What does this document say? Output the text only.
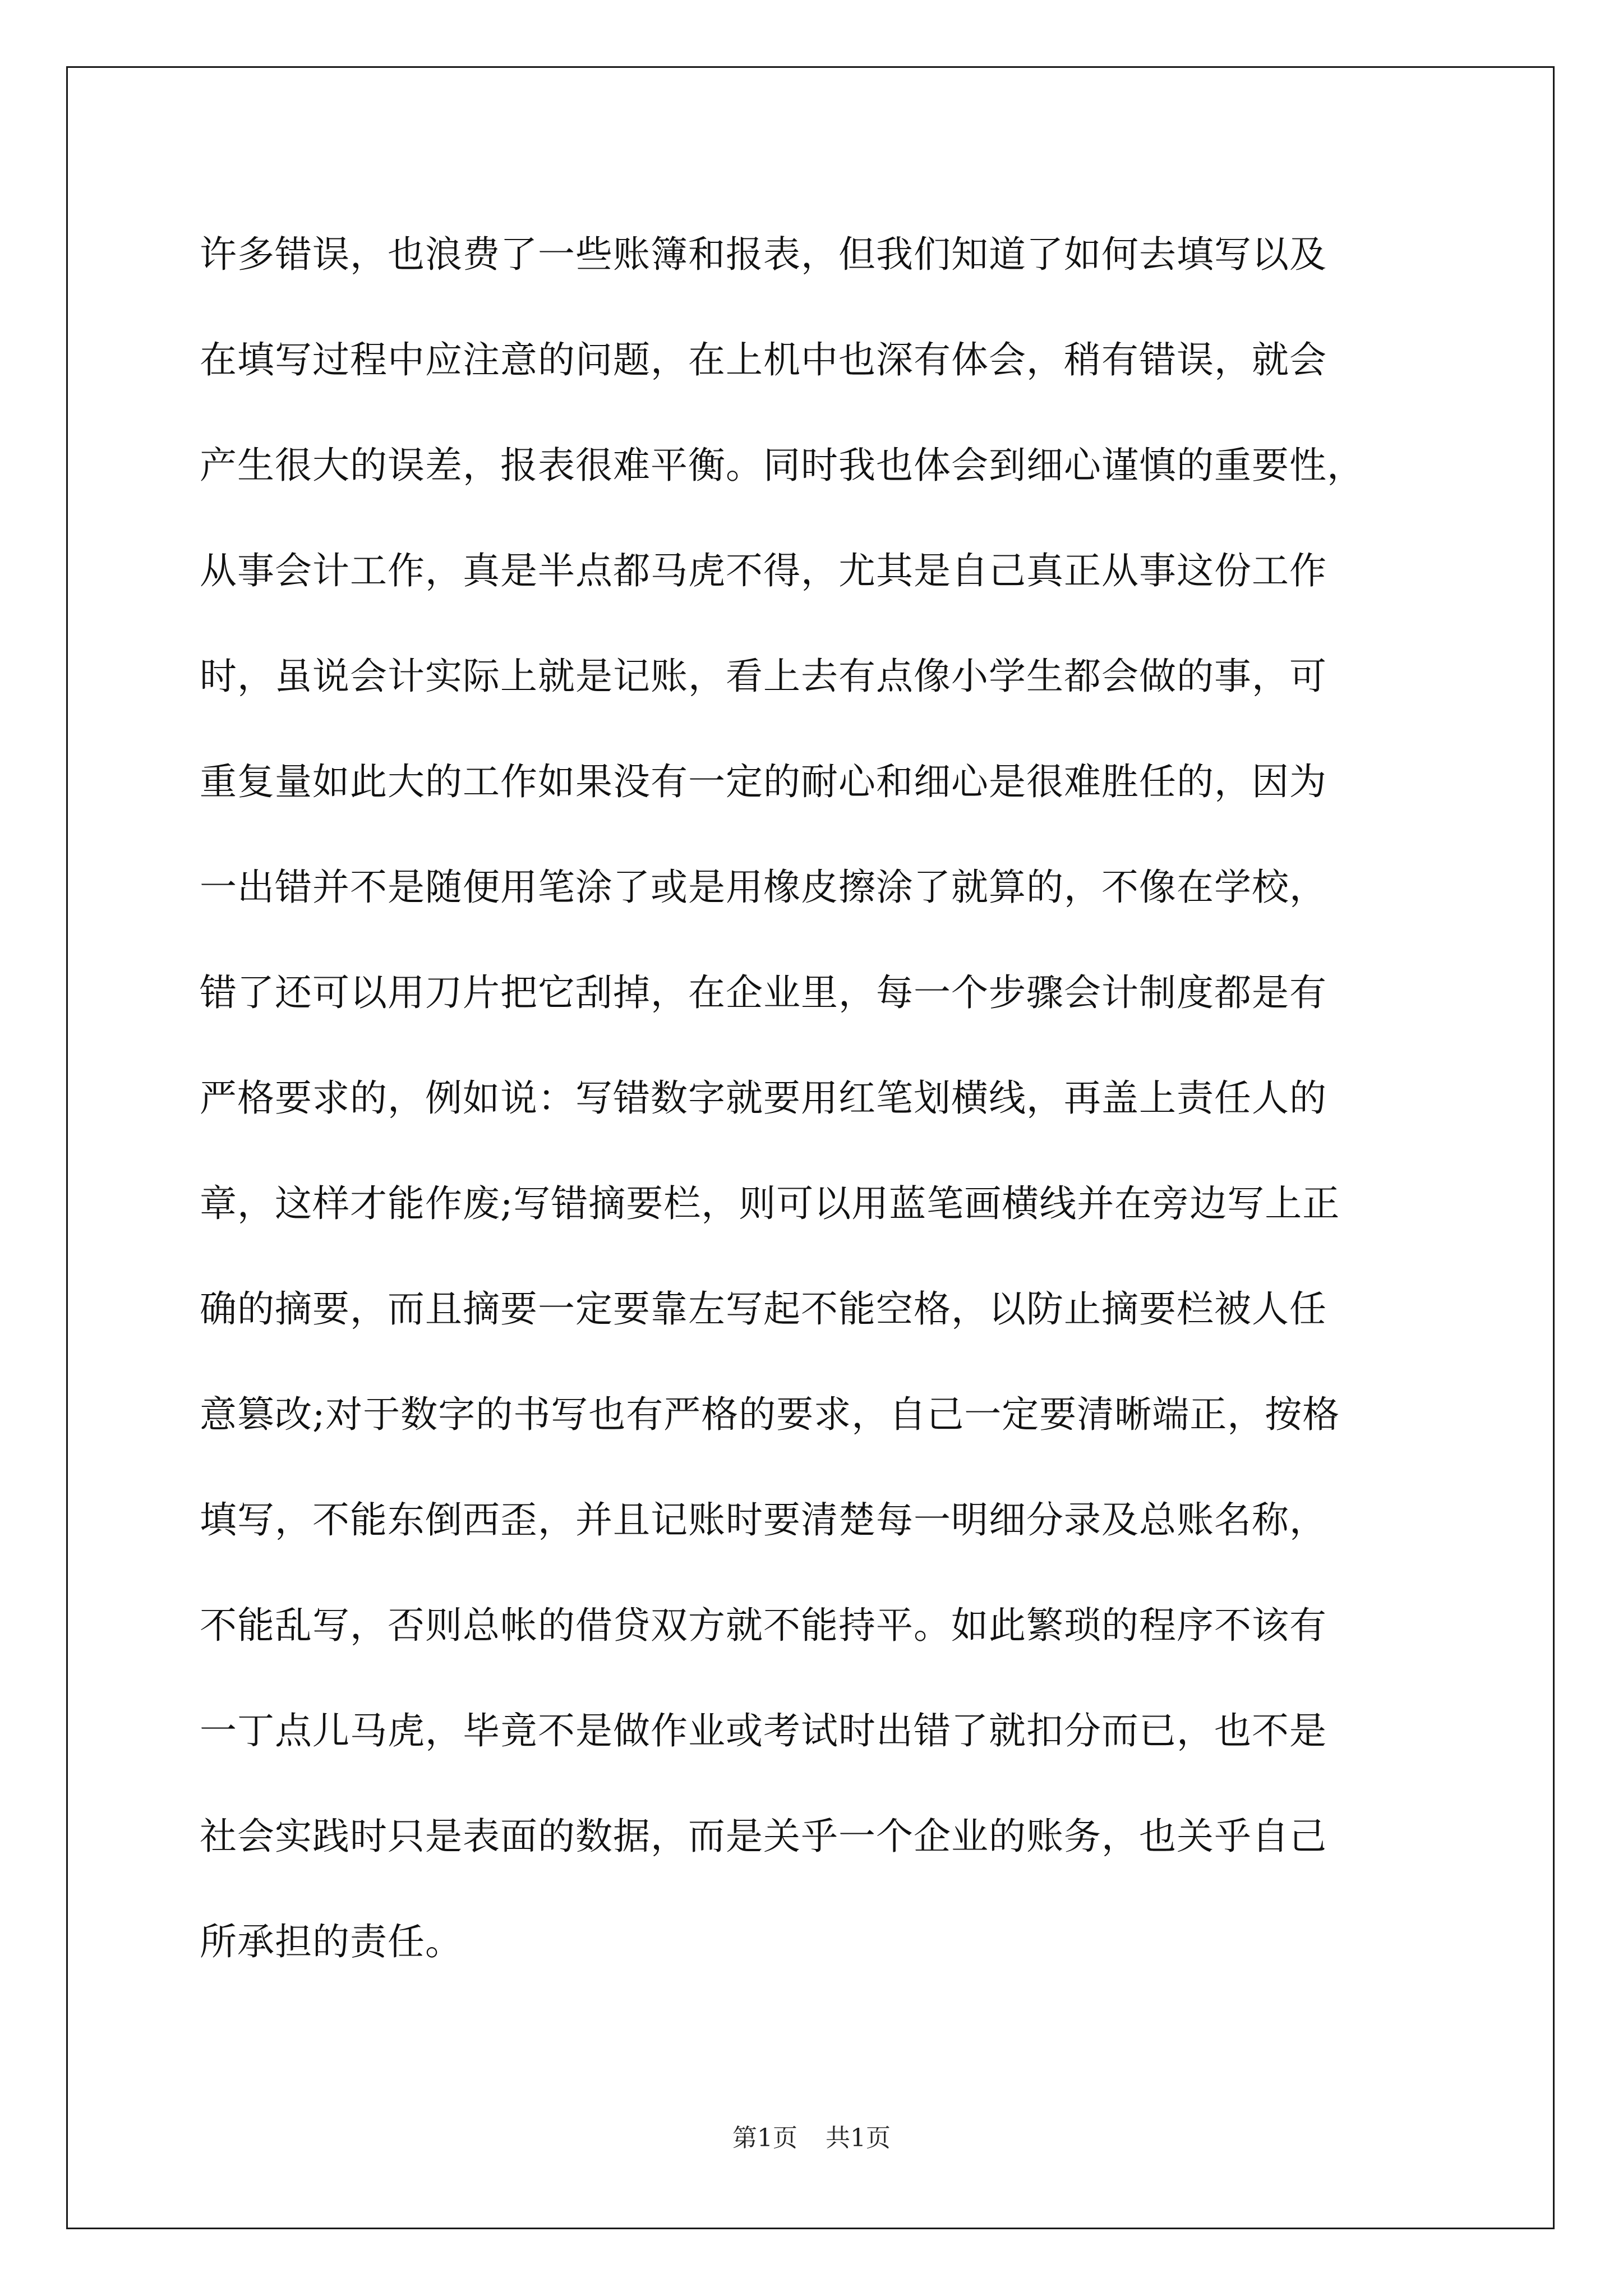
许多错误，也浪费了一些账簿和报表，但我们知道了如何去填写以及
在填写过程中应注意的问题，在上机中也深有体会，稍有错误，就会
产生很大的误差，报表很难平衡。同时我也体会到细心谨慎的重要性，
从事会计工作，真是半点都马虎不得，尤其是自己真正从事这份工作
时，虽说会计实际上就是记账，看上去有点像小学生都会做的事，可
重复量如此大的工作如果没有一定的耐心和细心是很难胜任的，因为
一出错并不是随便用笔涂了或是用橡皮擦涂了就算的，不像在学校，
错了还可以用刀片把它刮掉，在企业里，每一个步骤会计制度都是有
严格要求的，例如说：写错数字就要用红笔划横线，再盖上责任人的
章，这样才能作废;写错摘要栏，则可以用蓝笔画横线并在旁边写上正
确的摘要，而且摘要一定要靠左写起不能空格，以防止摘要栏被人任
意篡改;对于数字的书写也有严格的要求，自己一定要清晰端正，按格
填写，不能东倒西歪，并且记账时要清楚每一明细分录及总账名称，
不能乱写，否则总帐的借贷双方就不能持平。如此繁琐的程序不该有
一丁点儿马虎，毕竟不是做作业或考试时出错了就扣分而已，也不是
社会实践时只是表面的数据，而是关乎一个企业的账务，也关乎自己
所承担的责任。
第1页 共1页
